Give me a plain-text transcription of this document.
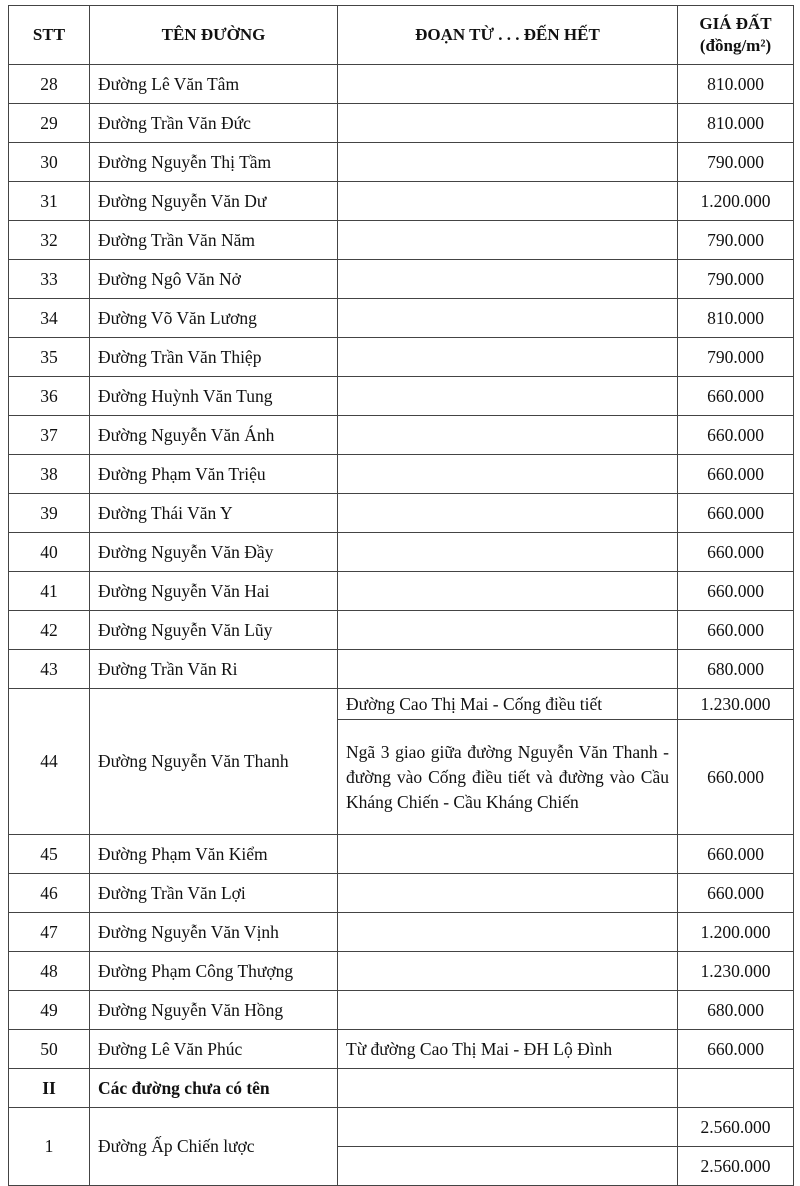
STT	TÊN ĐƯỜNG	ĐOẠN TỪ . . . ĐẾN HẾT	GIÁ ĐẤT
(đồng/m²)
28	Đường Lê Văn Tâm		810.000
29	Đường Trần Văn Đức		810.000
30	Đường Nguyễn Thị Tầm		790.000
31	Đường Nguyễn Văn Dư		1.200.000
32	Đường Trần Văn Năm		790.000
33	Đường Ngô Văn Nở		790.000
34	Đường Võ Văn Lương		810.000
35	Đường Trần Văn Thiệp		790.000
36	Đường Huỳnh Văn Tung		660.000
37	Đường Nguyễn Văn Ánh		660.000
38	Đường Phạm Văn Triệu		660.000
39	Đường Thái Văn Y		660.000
40	Đường Nguyễn Văn Đầy		660.000
41	Đường Nguyễn Văn Hai		660.000
42	Đường Nguyễn Văn Lũy		660.000
43	Đường Trần Văn Ri		680.000
44	Đường Nguyễn Văn Thanh	Đường Cao Thị Mai - Cống điều tiết	1.230.000
		Ngã 3 giao giữa đường Nguyễn Văn Thanh - đường vào Cống điều tiết và đường vào Cầu Kháng Chiến - Cầu Kháng Chiến	660.000
45	Đường Phạm Văn Kiểm		660.000
46	Đường Trần Văn Lợi		660.000
47	Đường Nguyễn Văn Vịnh		1.200.000
48	Đường Phạm Công Thượng		1.230.000
49	Đường Nguyễn Văn Hồng		680.000
50	Đường Lê Văn Phúc	Từ đường Cao Thị Mai - ĐH Lộ Đình	660.000
II	Các đường chưa có tên		
1	Đường Ấp Chiến lược		2.560.000
			2.560.000
